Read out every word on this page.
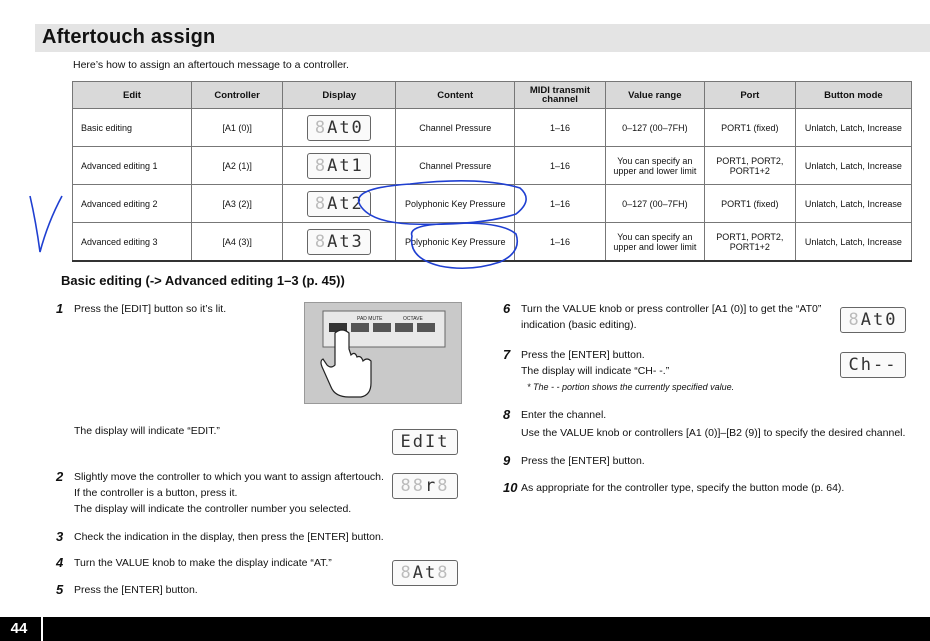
Aftertouch assign
Here’s how to assign an aftertouch message to a controller.
Edit	Controller	Display	Content	MIDI transmit channel	Value range	Port	Button mode
Basic editing	[A1 (0)]	8 At0	Channel Pressure	1–16	0–127 (00–7FH)	PORT1 (fixed)	Unlatch, Latch, Increase
Advanced editing 1	[A2 (1)]	8 At1	Channel Pressure	1–16	You can specify an upper and lower limit	PORT1, PORT2, PORT1+2	Unlatch, Latch, Increase
Advanced editing 2	[A3 (2)]	8 At2	Polyphonic Key Pressure	1–16	0–127 (00–7FH)	PORT1 (fixed)	Unlatch, Latch, Increase
Advanced editing 3	[A4 (3)]	8 At3	Polyphonic Key Pressure	1–16	You can specify an upper and lower limit	PORT1, PORT2, PORT1+2	Unlatch, Latch, Increase
Basic editing (-> Advanced editing 1–3 (p. 45))
1 Press the [EDIT] button so it’s lit.
PAD MUTE	OCTAVE
The display will indicate “EDIT.”
EdIt
2 Slightly move the controller to which you want to assign aftertouch.
If the controller is a button, press it.
The display will indicate the controller number you selected.
88 r 8
3 Check the indication in the display, then press the [ENTER] button.
4 Turn the VALUE knob to make the display indicate “AT.”	8 At 8
5 Press the [ENTER] button.
6 Turn the VALUE knob or press controller [A1 (0)] to get the “AT0”
indication (basic editing).	8 At0
7 Press the [ENTER] button.
The display will indicate “CH- -.”
* The - - portion shows the currently specified value.
Ch--
8 Enter the channel.
Use the VALUE knob or controllers [A1 (0)]–[B2 (9)] to specify the desired channel.
9 Press the [ENTER] button.
10 As appropriate for the controller type, specify the button mode (p. 64).
44
